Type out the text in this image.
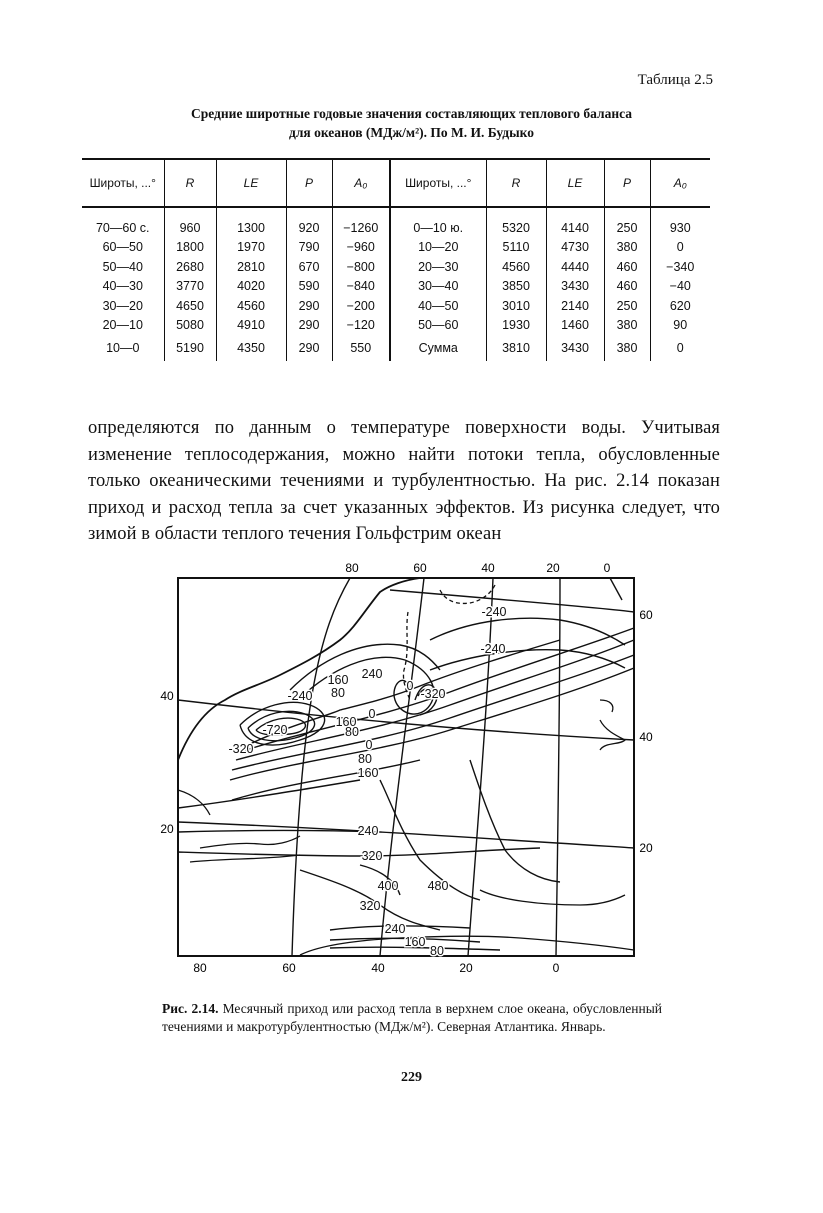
Таблица 2.5
Средние широтные годовые значения составляющих теплового баланса
для океанов (МДж/м²). По М. И. Будыко
Широты, ...°	R	LE	P	A₀	Широты, ...°	R	LE	P	A₀

70—60 с.	960	1300	920	−1260	0—10 ю.	5320	4140	250	930
60—50	1800	1970	790	−960	10—20	5110	4730	380	0
50—40	2680	2810	670	−800	20—30	4560	4440	460	−340
40—30	3770	4020	590	−840	30—40	3850	3430	460	−40
30—20	4650	4560	290	−200	40—50	3010	2140	250	620
20—10	5080	4910	290	−120	50—60	1930	1460	380	90
10—0	5190	4350	290	550	Сумма	3810	3430	380	0
определяются по данным о температуре поверхности воды. Учитывая изменение теплосодержания, можно найти потоки тепла, обусловленные только океаническими течениями и турбулентностью. На рис. 2.14 показан приход и расход тепла за счет указанных эффектов. Из рисунка следует, что зимой в области теплого течения Гольфстрим океан
80	60	40	20	0
80	60	40	20	0
40
20
60
40
20
-240
-240
160 240
-240 80	-320
-720
160
80
0
0
-320
0
80
160
240
320
400 480
320
240
160
80
Рис. 2.14. Месячный приход или расход тепла в верхнем слое океана, обусловленный течениями и макротурбулентностью (МДж/м²). Северная Атлантика. Январь.
229
